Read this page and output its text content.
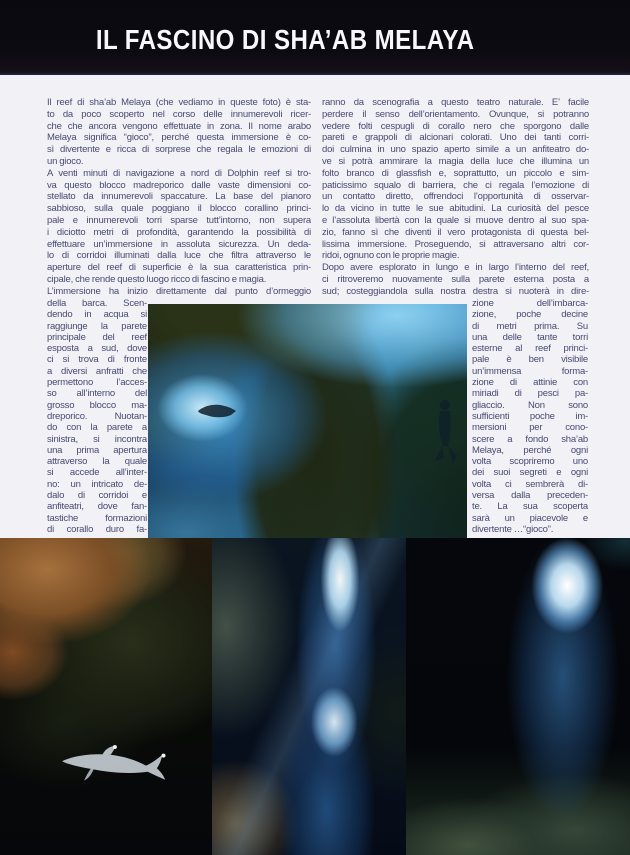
IL FASCINO DI SHA’AB MELAYA
Il reef di sha’ab Melaya (che vediamo in queste foto) è sta-
to da poco scoperto nel corso delle innumerevoli ricer-
che che ancora vengono effettuate in zona. Il nome arabo
Melaya significa “gioco”, perché questa immersione è co-
sì divertente e ricca di sorprese che regala le emozioni di
un gioco.
A venti minuti di navigazione a nord di Dolphin reef si tro-
va questo blocco madreporico dalle vaste dimensioni co-
stellato da innumerevoli spaccature. La base del pianoro
sabbioso, sulla quale poggiano il blocco corallino princi-
pale e innumerevoli torri sparse tutt’intorno, non supera
i diciotto metri di profondità, garantendo la possibilità di
effettuare un’immersione in assoluta sicurezza. Un deda-
lo di corridoi illuminati dalla luce che filtra attraverso le
aperture del reef di superficie è la sua caratteristica prin-
cipale, che rende questo luogo ricco di fascino e magia.
L’immersione ha inizio direttamente dal punto d’ormeggio
ranno da scenografia a questo teatro naturale. E’ facile
perdere il senso dell’orientamento. Ovunque, si potranno
vedere folti cespugli di corallo nero che sporgono dalle
pareti e grappoli di alcionari colorati. Uno dei tanti corri-
doi culmina in uno spazio aperto simile a un anfiteatro do-
ve si potrà ammirare la magia della luce che illumina un
folto branco di glassfish e, soprattutto, un piccolo e sim-
paticissimo squalo di barriera, che ci regala l’emozione di
un contatto diretto, offrendoci l’opportunità di osservar-
lo da vicino in tutte le sue abitudini. La curiosità del pesce
e l’assoluta libertà con la quale si muove dentro al suo spa-
zio, fanno sì che diventi il vero protagonista di questa bel-
lissima immersione. Proseguendo, si attraversano altri cor-
ridoi, ognuno con le proprie magie.
Dopo avere esplorato in lungo e in largo l’interno del reef,
ci ritroveremo nuovamente sulla parete esterna posta a
sud; costeggiandola sulla nostra destra si nuoterà in dire-
della barca. Scen-
dendo in acqua si
raggiunge la parete
principale del reef
esposta a sud, dove
ci si trova di fronte
a diversi anfratti che
permettono l’acces-
so all’interno del
grosso blocco ma-
dreporico. Nuotan-
do con la parete a
sinistra, si incontra
una prima apertura
attraverso la quale
si accede all’inter-
no: un intricato de-
dalo di corridoi e
anfiteatri, dove fan-
tastiche formazioni
di corallo duro fa-
zione dell’imbarca-
zione, poche decine
di metri prima. Su
una delle tante torri
esterne al reef princi-
pale è ben visibile
un’immensa forma-
zione di attinie con
miriadi di pesci pa-
gliaccio. Non sono
sufficienti poche im-
mersioni per cono-
scere a fondo sha’ab
Melaya, perché ogni
volta scopriremo uno
dei suoi segreti e ogni
volta ci sembrerà di-
versa dalla preceden-
te. La sua scoperta
sarà un piacevole e
divertente …“gioco”.
